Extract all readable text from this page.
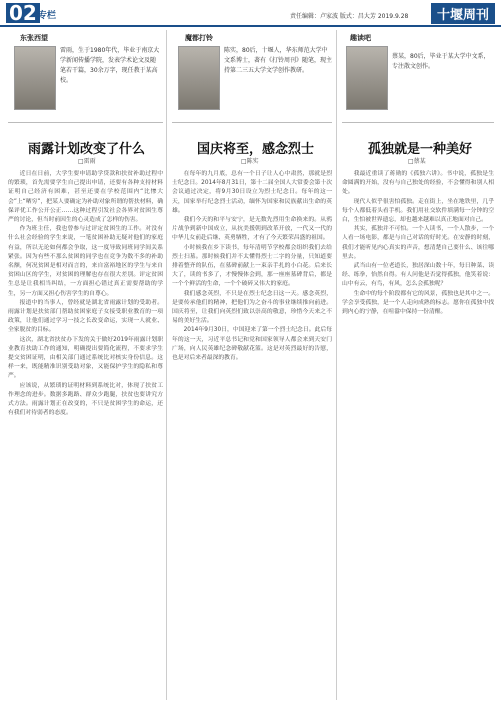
02 专栏	责任编辑：卢家波 版式：昌大芳 2019.9.28	十堰周刊
东张西望
雷雨，生于1980年代，毕业于南京大学新闻传播学院，发表学术论文及随笔若干篇，30余万字，现任教于某高校。
雨露计划改变了什么
□雷雨

近日在日前，大学生要申请助学贷款和扶贫补助过程中的繁琐，首先需要学生自己提出申请，还要有各种支持材料证明自己经济有困难，甚至还要在学校范围内“比惨大会”上“晒穷”，把某人要确定为补助对象所谓的帮扶材料，确保评优工作公开公正……这种过程引发社会各界对贫困生尊严的讨论，但当时前因生的心灵造成了怎样的伤害。

作为班主任，我也曾参与过评定贫困生的工作。对没有什么社会经验的学生来说，一笔贫困补助无疑对他们的家庭有益，所以无论如何都会争取，这一度导致同班同学间关系紧张。因为有些不那么贫困的同学也在竞争为数不多的补助名额，何况贫困是相对而言的，来自富裕地区的学生与来自贫困山区的学生，对贫困的理解也存在很大差别。评定贫困生总是让我相当纠结，一方面担心错过真正需要帮助的学生，另一方面又担心伤害学生的自尊心。

报道中的当事人，曾经就是湖北省雨露计划的受助者。雨露计划是扶贫部门帮助贫困家庭子女接受职业教育的一项政策，让他们通过学习一技之长改变命运，实现一人就业、全家脱贫的目标。

这次，湖北省扶贫办下发的关于做好2019年雨露计划职业教育扶助工作的通知，明确提出要简化流程，不要求学生提交贫困证明，由相关部门通过系统比对核实身份信息。这样一来，既能精准识别受助对象，又能保护学生的隐私和尊严。

应该说，从繁琐的证明材料到系统比对，体现了扶贫工作理念的进步。数据多跑路、群众少跑腿，扶贫也要讲究方式方法。雨露计划正在改变的，不只是贫困学生的命运，还有我们对待弱者的态度。

魔都打铃
陈实，80后，十堰人，华东师范大学中文系博士，著有《打铃周刊》随笔，现主持第二三五大学文学创作教研。
国庆将至，感念烈士
□陈实

在每年的九月底，总有一个日子让人心中肃然，那就是烈士纪念日。2014年8月31日，第十二届全国人大常委会第十次会议通过决定，将9月30日设立为烈士纪念日。每年的这一天，国家举行纪念烈士活动，缅怀为国家和民族献出生命的英雄。

我们今天的和平与安宁，是无数先烈用生命换来的。从鸦片战争到新中国成立，从抗美援朝到改革开放，一代又一代的中华儿女前赴后继、英勇牺牲，才有了今天繁荣昌盛的祖国。

小时候我在乡下读书，每年清明节学校都会组织我们去给烈士扫墓。那时候我们并不太懂得烈士二字的分量，只知道要排着整齐的队伍，在墓碑前献上一束亲手扎的小白花。后来长大了，读的书多了，才慢慢体会到，那一座座墓碑背后，都是一个个鲜活的生命，一个个破碎又伟大的家庭。

我们感念英烈，不只是在烈士纪念日这一天。感念英烈，是要传承他们的精神，把他们为之奋斗的事业继续推向前进。国庆将至，让我们向英烈们致以崇高的敬意，珍惜今天来之不易的美好生活。

2014年9月30日，中国迎来了第一个烈士纪念日。此后每年的这一天，习近平总书记和党和国家领导人都会来到天安门广场，向人民英雄纪念碑敬献花篮。这是对英烈最好的告慰，也是对后来者最深的教育。

趣读吧
蔡某，80后，毕业于某大学中文系，专注散文创作。
孤独就是一种美好
□蔡某

我最近重读了蒋勋的《孤独六讲》。书中说，孤独是生命圆满的开始，没有与自己独处的经验，不会懂得和别人相处。

现代人似乎很害怕孤独。走在街上，坐在地铁里，几乎每个人都低着头看手机。我们用社交软件填满每一分钟的空白，生怕被世界遗忘，却也越来越难以真正地面对自己。

其实，孤独并不可怕。一个人读书，一个人散步，一个人看一场电影，都是与自己对话的好时光。在安静的时刻，我们才能听见内心真实的声音，想清楚自己要什么、该往哪里去。

武当山有一位老道长，独居深山数十年，每日种菜、读经、练拳，怡然自得。有人问他是否觉得孤独，他笑着说：山中有云，有鸟，有风，怎么会孤独呢？

生命中的每个阶段都有它的风景，孤独也是其中之一。学会享受孤独，是一个人走向成熟的标志。愿你在孤独中找到内心的宁静，在喧嚣中保持一份清醒。
